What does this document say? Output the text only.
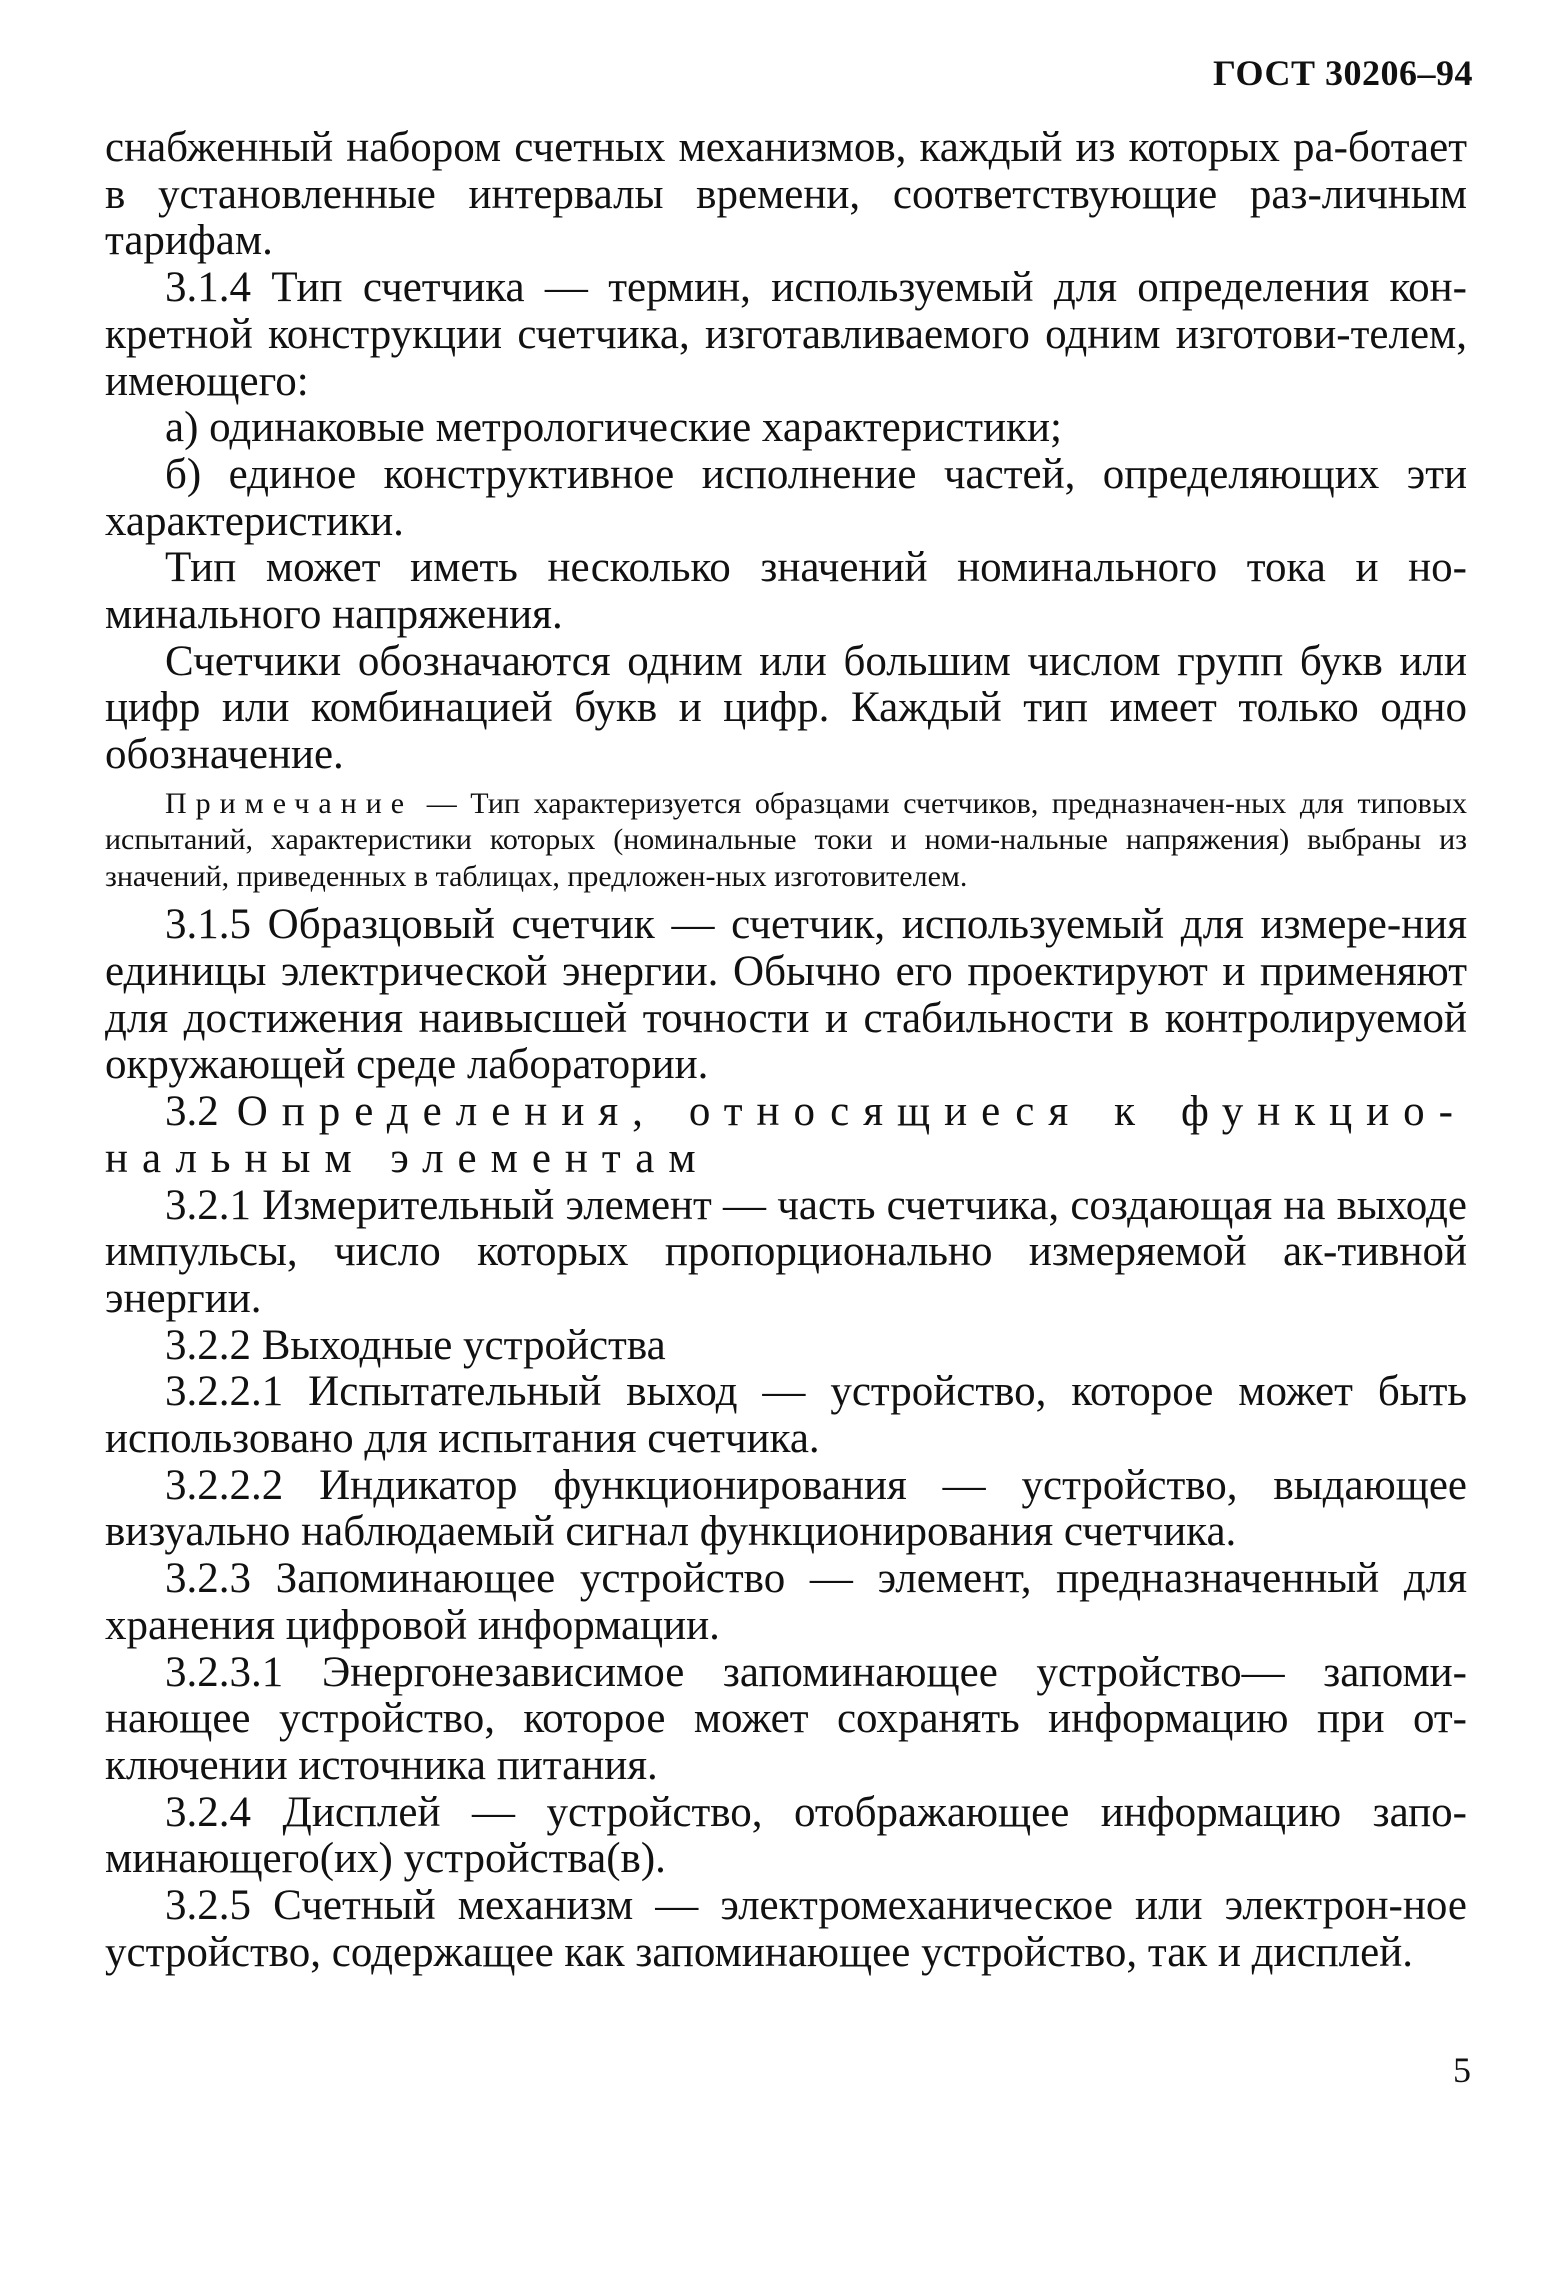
ГОСТ 30206–94

снабженный набором счетных механизмов, каждый из которых ра-ботает в установленные интервалы времени, соответствующие раз-личным тарифам.

3.1.4 Тип счетчика — термин, используемый для определения кон-кретной конструкции счетчика, изготавливаемого одним изготови-телем, имеющего:

а) одинаковые метрологические характеристики;

б) единое конструктивное исполнение частей, определяющих эти характеристики.

Тип может иметь несколько значений номинального тока и но-минального напряжения.

Счетчики обозначаются одним или большим числом групп букв или цифр или комбинацией букв и цифр. Каждый тип имеет только одно обозначение.

Примечание — Тип характеризуется образцами счетчиков, предназначен-ных для типовых испытаний, характеристики которых (номинальные токи и номи-нальные напряжения) выбраны из значений, приведенных в таблицах, предложен-ных изготовителем.

3.1.5 Образцовый счетчик — счетчик, используемый для измере-ния единицы электрической энергии. Обычно его проектируют и применяют для достижения наивысшей точности и стабильности в контролируемой окружающей среде лаборатории.

3.2 Определения, относящиеся к функцио-нальным элементам

3.2.1 Измерительный элемент — часть счетчика, создающая на выходе импульсы, число которых пропорционально измеряемой ак-тивной энергии.

3.2.2 Выходные устройства

3.2.2.1 Испытательный выход — устройство, которое может быть использовано для испытания счетчика.

3.2.2.2 Индикатор функционирования — устройство, выдающее визуально наблюдаемый сигнал функционирования счетчика.

3.2.3 Запоминающее устройство — элемент, предназначенный для хранения цифровой информации.

3.2.3.1 Энергонезависимое запоминающее устройство— запоми-нающее устройство, которое может сохранять информацию при от-ключении источника питания.

3.2.4 Дисплей — устройство, отображающее информацию запо-минающего(их) устройства(в).

3.2.5 Счетный механизм — электромеханическое или электрон-ное устройство, содержащее как запоминающее устройство, так и дисплей.

5
